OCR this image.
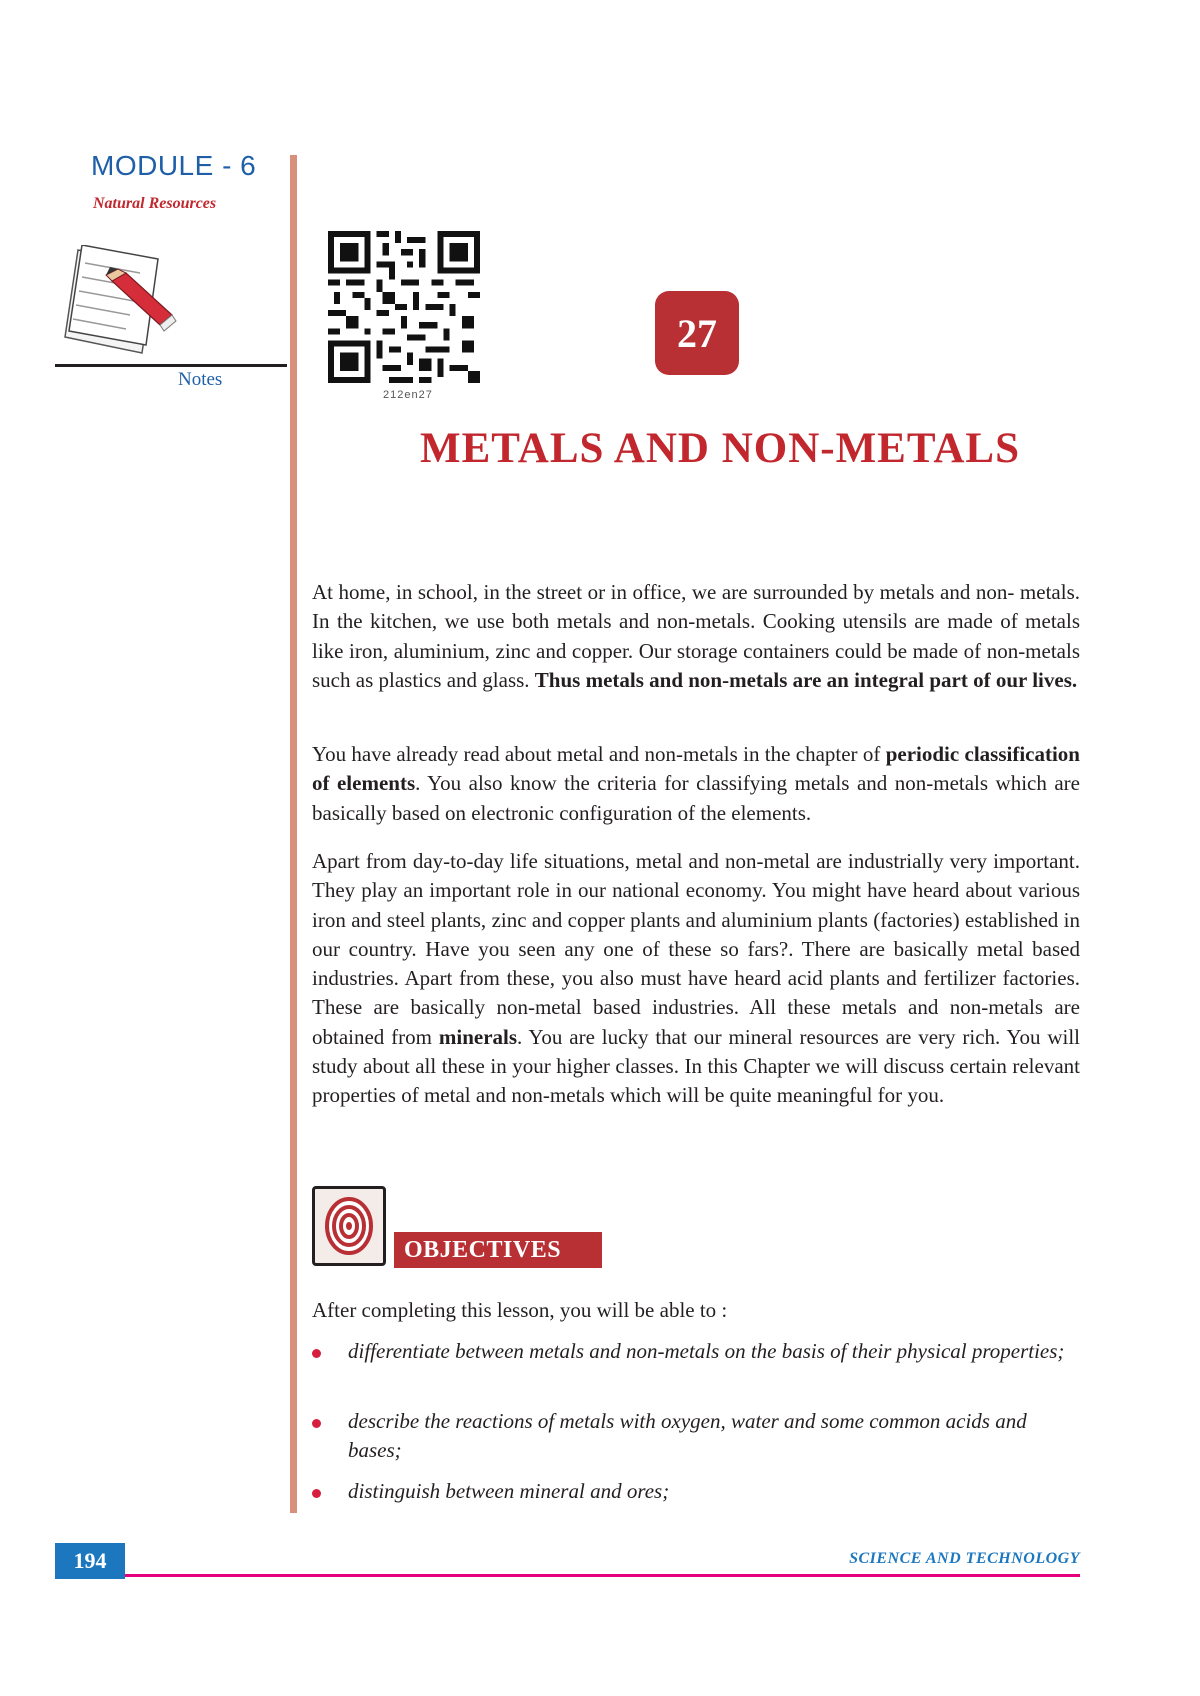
MODULE - 6
Natural Resources
Notes
212en27
27
METALS AND NON-METALS
At home, in school, in the street or in office, we are surrounded by metals and non- metals. In the kitchen, we use both metals and non-metals. Cooking utensils are made of metals like iron, aluminium, zinc and copper. Our storage containers could be made of non-metals such as plastics and glass. Thus metals and non-metals are an integral part of our lives.
You have already read about metal and non-metals in the chapter of periodic classification of elements. You also know the criteria for classifying metals and non-metals which are basically based on electronic configuration of the elements.
Apart from day-to-day life situations, metal and non-metal are industrially very important. They play an important role in our national economy. You might have heard about various iron and steel plants, zinc and copper plants and aluminium plants (factories) established in our country. Have you seen any one of these so fars?. There are basically metal based industries. Apart from these, you also must have heard acid plants and fertilizer factories. These are basically non-metal based industries. All these metals and non-metals are obtained from minerals. You are lucky that our mineral resources are very rich. You will study about all these in your higher classes. In this Chapter we will discuss certain relevant properties of metal and non-metals which will be quite meaningful for you.
OBJECTIVES
After completing this lesson, you will be able to :
differentiate between metals and non-metals on the basis of their physical properties;
describe the reactions of metals with oxygen, water and some common acids and bases;
distinguish between mineral and ores;
194	SCIENCE AND TECHNOLOGY
